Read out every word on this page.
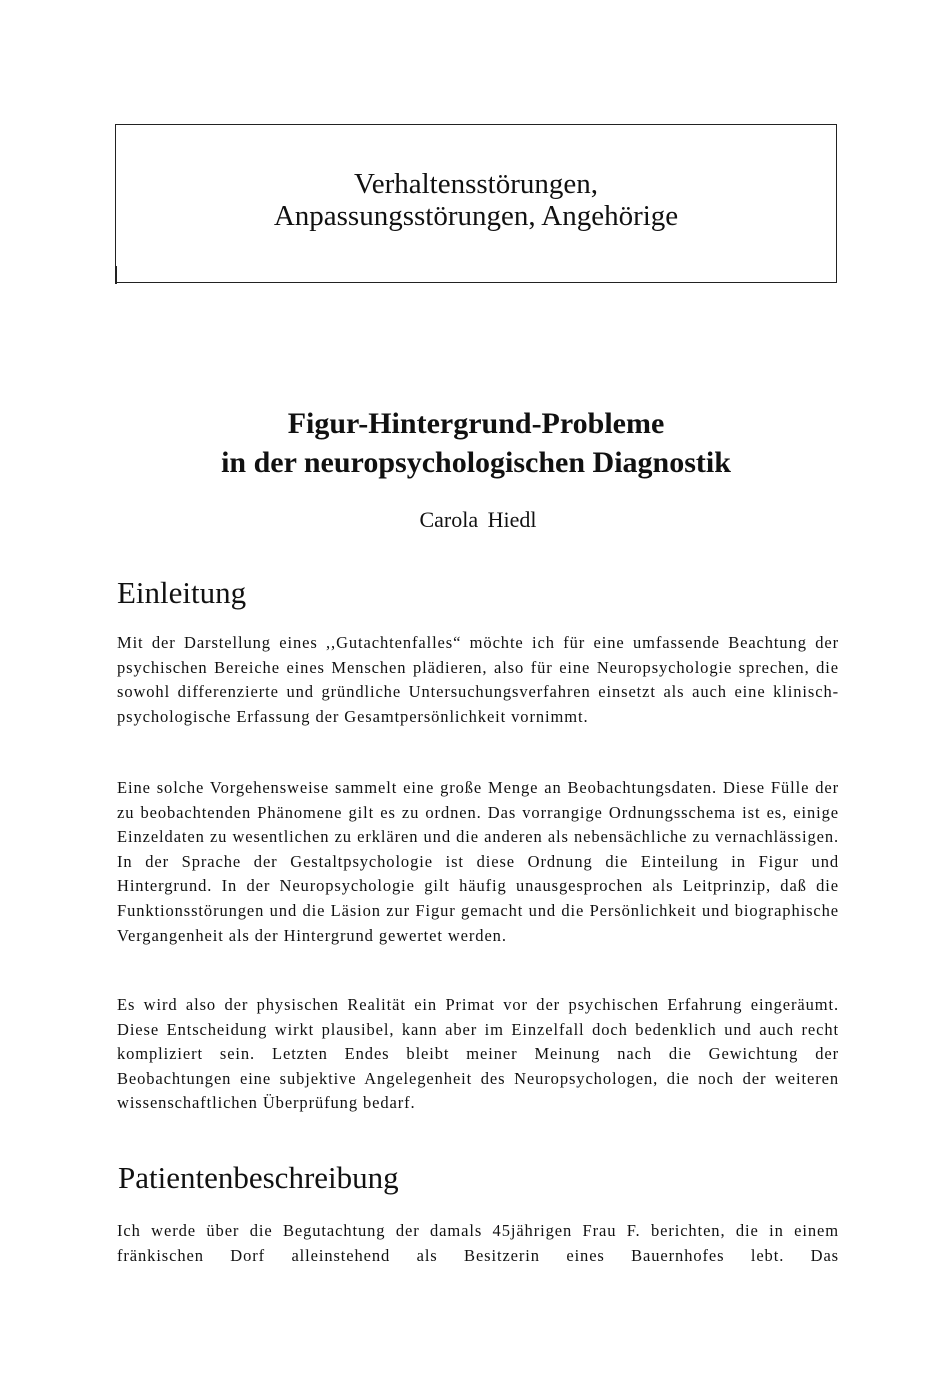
Verhaltensstörungen,
Anpassungsstörungen, Angehörige
Figur-Hintergrund-Probleme
in der neuropsychologischen Diagnostik
Carola Hiedl
Einleitung

Mit der Darstellung eines ,,Gutachtenfalles“ möchte ich für eine umfassende Beachtung der psychischen Bereiche eines Menschen plädieren, also für eine Neuropsychologie sprechen, die sowohl differenzierte und gründliche Untersuchungsverfahren einsetzt als auch eine klinisch-psychologische Erfassung der Gesamtpersönlichkeit vornimmt.

Eine solche Vorgehensweise sammelt eine große Menge an Beobachtungsdaten. Diese Fülle der zu beobachtenden Phänomene gilt es zu ordnen. Das vorrangige Ordnungsschema ist es, einige Einzeldaten zu wesentlichen zu erklären und die anderen als nebensächliche zu vernachlässigen. In der Sprache der Gestaltpsychologie ist diese Ordnung die Einteilung in Figur und Hintergrund. In der Neuropsychologie gilt häufig unausgesprochen als Leitprinzip, daß die Funktionsstörungen und die Läsion zur Figur gemacht und die Persönlichkeit und biographische Vergangenheit als der Hintergrund gewertet werden.

Es wird also der physischen Realität ein Primat vor der psychischen Erfahrung eingeräumt. Diese Entscheidung wirkt plausibel, kann aber im Einzelfall doch bedenklich und auch recht kompliziert sein. Letzten Endes bleibt meiner Meinung nach die Gewichtung der Beobachtungen eine subjektive Angelegenheit des Neuropsychologen, die noch der weiteren wissenschaftlichen Überprüfung bedarf.

Patientenbeschreibung

Ich werde über die Begutachtung der damals 45jährigen Frau F. berichten, die in einem fränkischen Dorf alleinstehend als Besitzerin eines Bauernhofes lebt. Das
